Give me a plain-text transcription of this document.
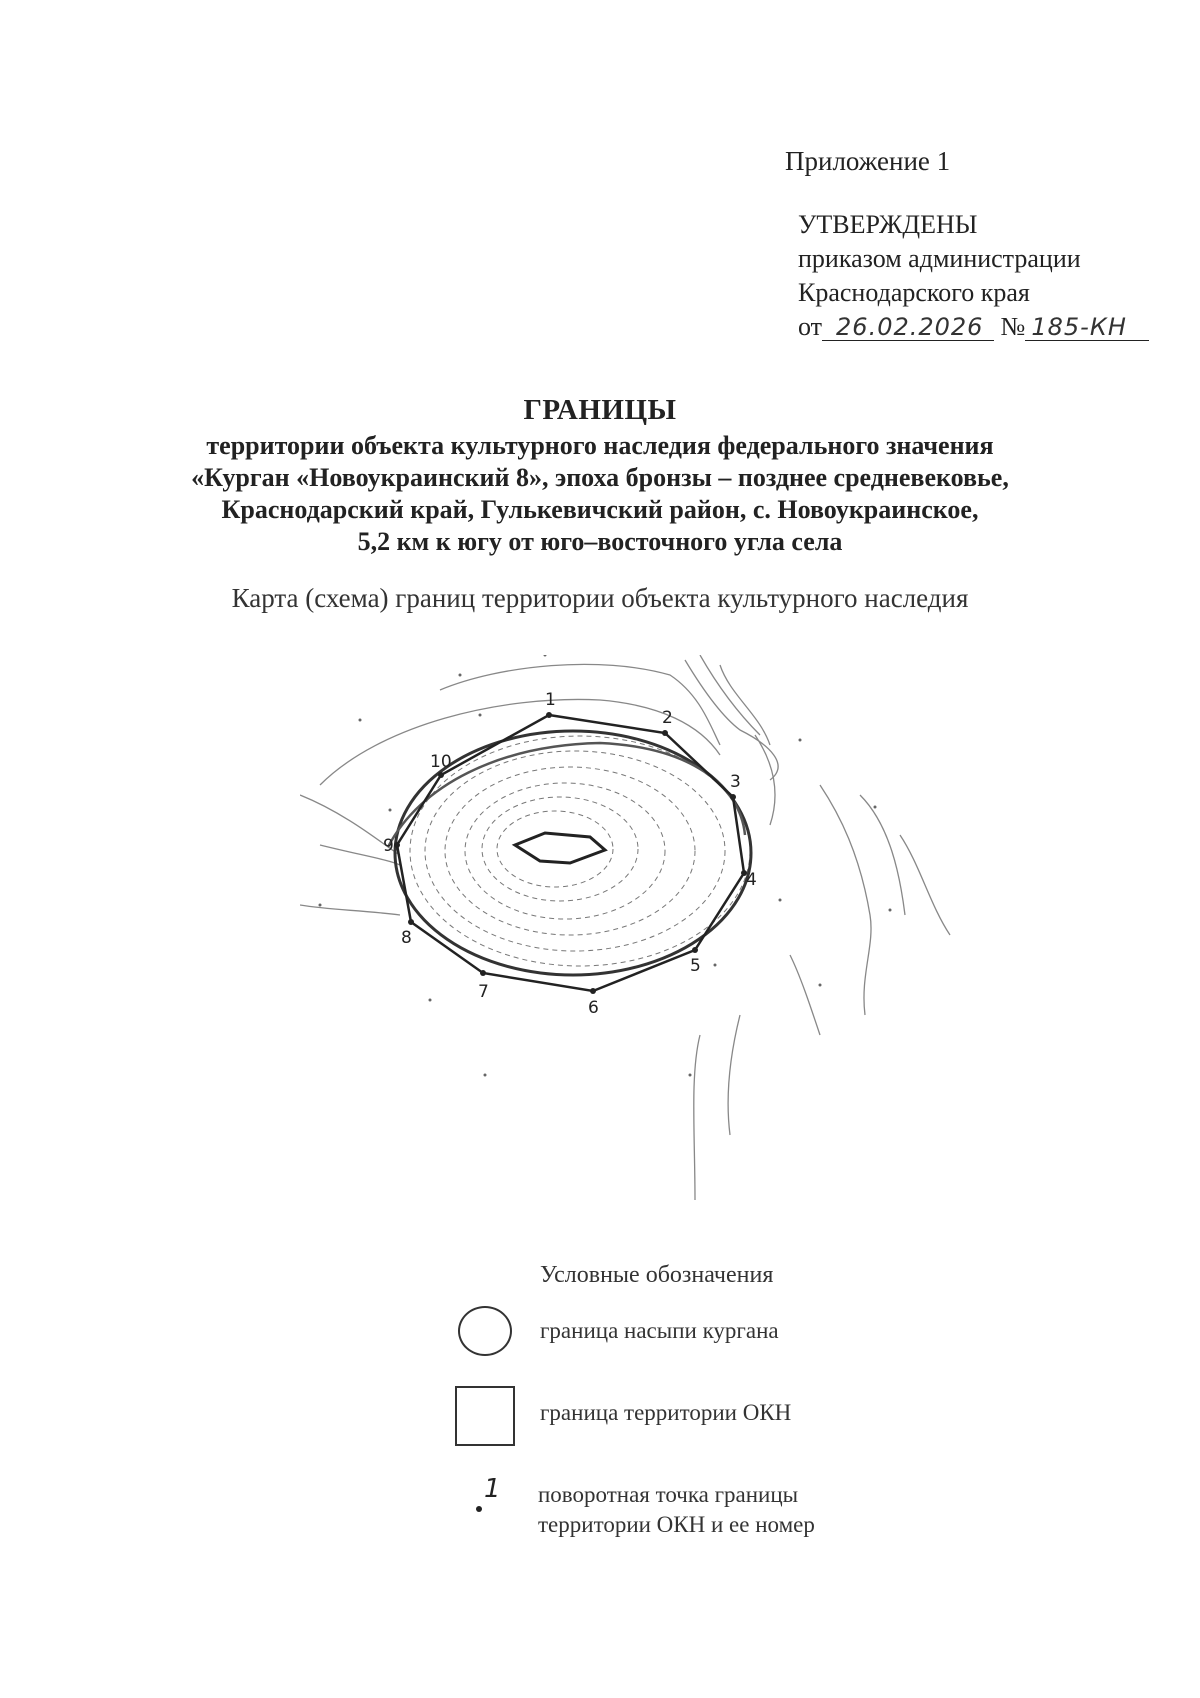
Приложение 1
УТВЕРЖДЕНЫ
приказом администрации
Краснодарского края
от 26.02.2026 № 185-КН
ГРАНИЦЫ
территории объекта культурного наследия федерального значения
«Курган «Новоукраинский 8», эпоха бронзы – позднее средневековье,
Краснодарский край, Гулькевичский район, с. Новоукраинское,
5,2 км к югу от юго–восточного угла села
Карта (схема) границ территории объекта культурного наследия
1
2
3
4
5
6
7
8
9
10
Условные обозначения
граница насыпи кургана
граница территории ОКН
1 поворотная точка границы
территории ОКН и ее номер
